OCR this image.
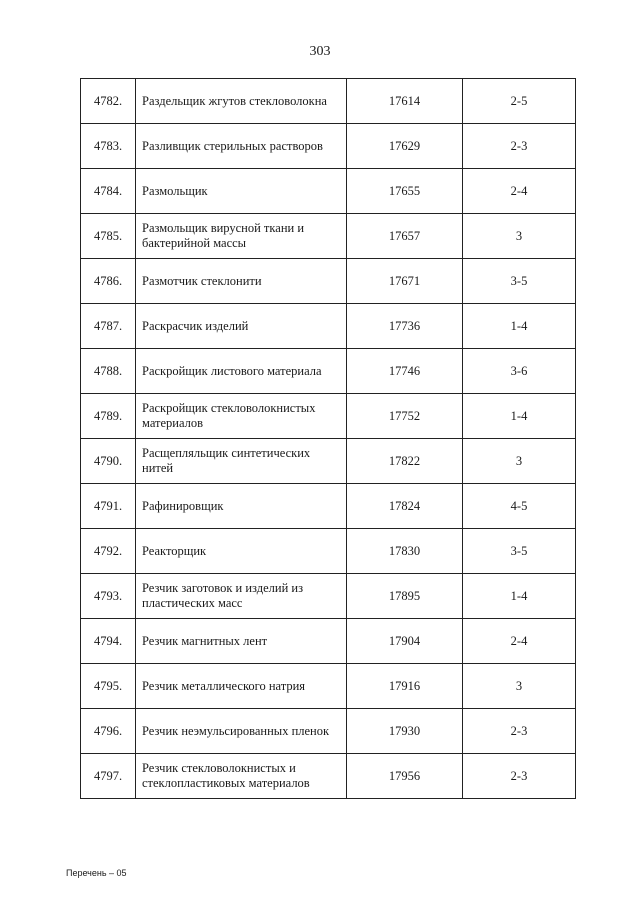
303
4782.	Раздельщик жгутов стекловолокна	17614	2-5
4783.	Разливщик стерильных растворов	17629	2-3
4784.	Размольщик	17655	2-4
4785.	Размольщик вирусной ткани и бактерийной массы	17657	3
4786.	Размотчик стеклонити	17671	3-5
4787.	Раскрасчик изделий	17736	1-4
4788.	Раскройщик листового материала	17746	3-6
4789.	Раскройщик стекловолокнистых материалов	17752	1-4
4790.	Расщепляльщик синтетических нитей	17822	3
4791.	Рафинировщик	17824	4-5
4792.	Реакторщик	17830	3-5
4793.	Резчик заготовок и изделий из пластических масс	17895	1-4
4794.	Резчик магнитных лент	17904	2-4
4795.	Резчик металлического натрия	17916	3
4796.	Резчик неэмульсированных пленок	17930	2-3
4797.	Резчик стекловолокнистых и стеклопластиковых материалов	17956	2-3
Перечень – 05
